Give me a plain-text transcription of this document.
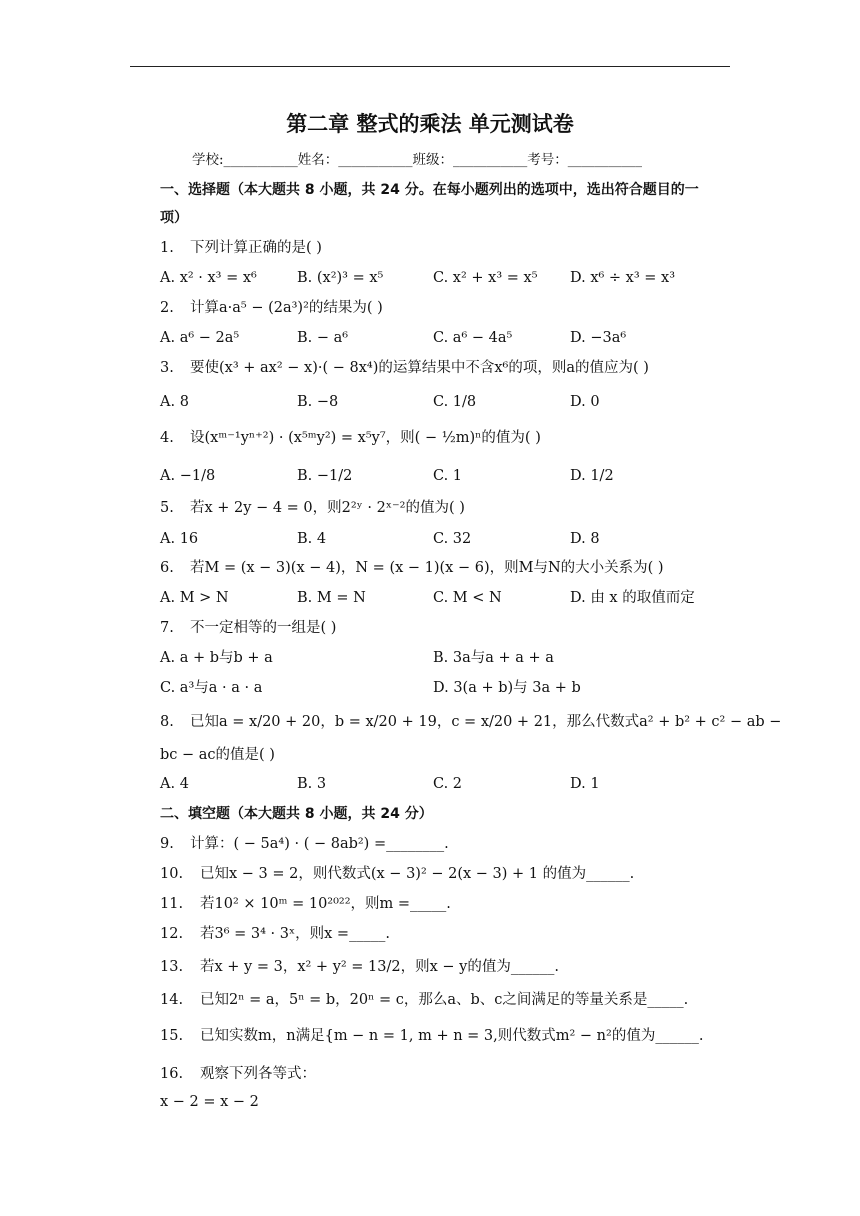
第二章 整式的乘法 单元测试卷
学校:___________姓名：___________班级：___________考号：___________
一、选择题（本大题共 8 小题，共 24 分。在每小题列出的选项中，选出符合题目的一
项）
1. 下列计算正确的是( )
A. x² · x³ = x⁶	B. (x²)³ = x⁵	C. x² + x³ = x⁵ D. x⁶ ÷ x³ = x³
2. 计算a·a⁵ − (2a³)²的结果为( )
A. a⁶ − 2a⁵	B. − a⁶	C. a⁶ − 4a⁵	D. −3a⁶
3. 要使(x³ + ax² − x)·( − 8x⁴)的运算结果中不含x⁶的项，则a的值应为( )
A. 8	B. −8	C. 1/8	D. 0
4. 设(xᵐ⁻¹yⁿ⁺²) · (x⁵ᵐy²) = x⁵y⁷，则( − ½m)ⁿ的值为( )
A. −1/8	B. −1/2	C. 1	D. 1/2
5. 若x + 2y − 4 = 0，则2²ʸ · 2ˣ⁻²的值为( )
A. 16	B. 4	C. 32	D. 8
6. 若M = (x − 3)(x − 4)，N = (x − 1)(x − 6)，则M与N的大小关系为( )
A. M > N	B. M = N	C. M < N	D. 由 x 的取值而定
7. 不一定相等的一组是( )
A. a + b与b + a	B. 3a与a + a + a
C. a³与a · a · a	D. 3(a + b)与 3a + b
8. 已知a = x/20 + 20，b = x/20 + 19，c = x/20 + 21，那么代数式a² + b² + c² − ab −
bc − ac的值是( )
A. 4	B. 3	C. 2	D. 1
二、填空题（本大题共 8 小题，共 24 分）
9. 计算：( − 5a⁴) · ( − 8ab²) =________.
10. 已知x − 3 = 2，则代数式(x − 3)² − 2(x − 3) + 1 的值为______.
11. 若10² × 10ᵐ = 10²⁰²²，则m =_____.
12. 若3⁶ = 3⁴ · 3ˣ，则x =_____.
13. 若x + y = 3，x² + y² = 13/2，则x − y的值为______.
14. 已知2ⁿ = a，5ⁿ = b，20ⁿ = c，那么a、b、c之间满足的等量关系是_____.
15. 已知实数m，n满足{m − n = 1, m + n = 3,则代数式m² − n²的值为______.
16. 观察下列各等式：
x − 2 = x − 2
